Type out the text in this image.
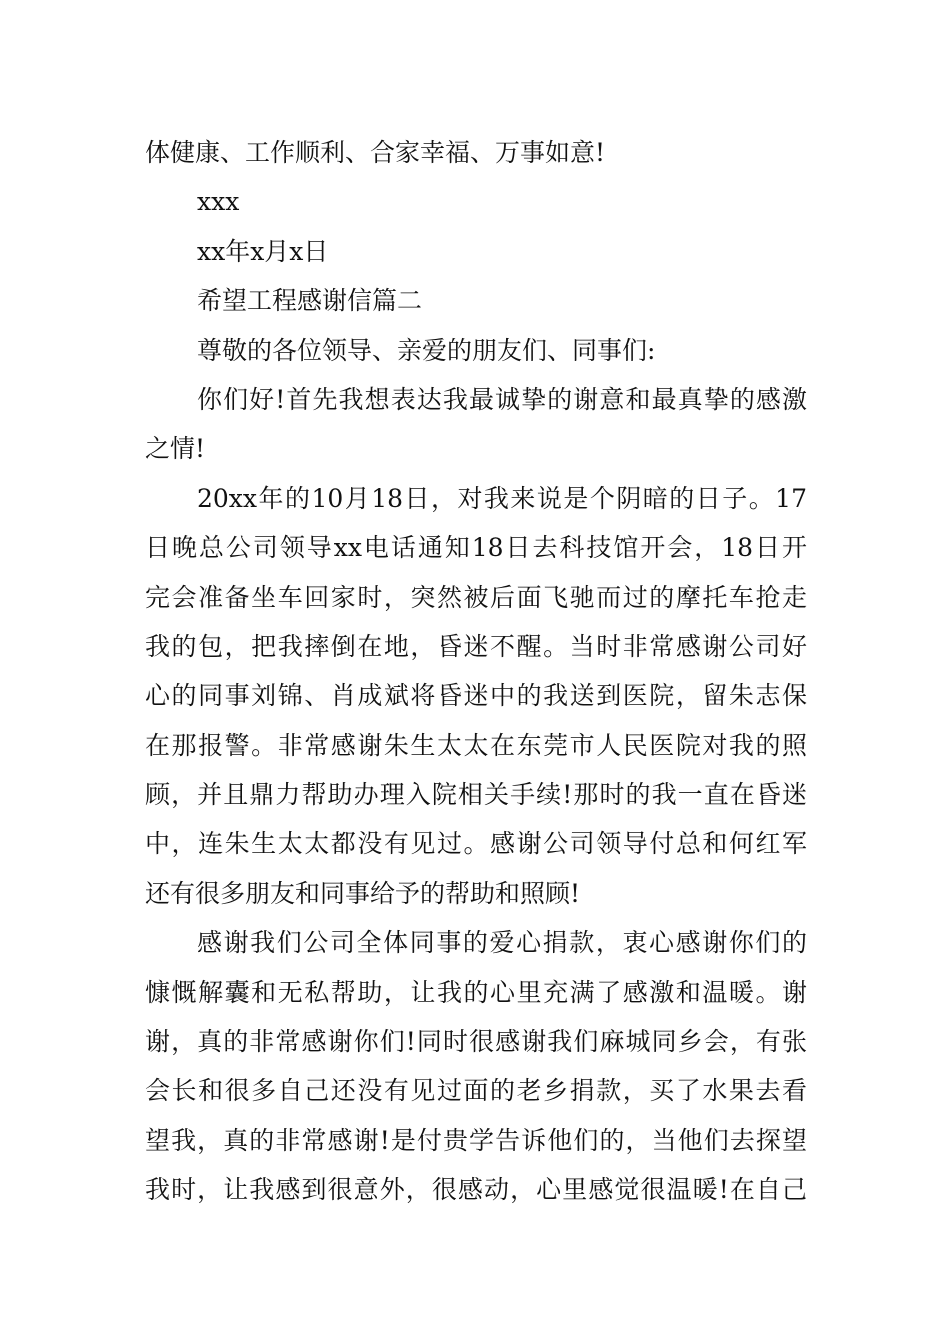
体健康、工作顺利、合家幸福、万事如意!
xxx
xx年x月x日
希望工程感谢信篇二
尊敬的各位领导、亲爱的朋友们、同事们:
你们好!首先我想表达我最诚挚的谢意和最真挚的感激
之情!
20xx年的10月18日，对我来说是个阴暗的日子。17
日晚总公司领导xx电话通知18日去科技馆开会，18日开
完会准备坐车回家时，突然被后面飞驰而过的摩托车抢走
我的包，把我摔倒在地，昏迷不醒。当时非常感谢公司好
心的同事刘锦、肖成斌将昏迷中的我送到医院，留朱志保
在那报警。非常感谢朱生太太在东莞市人民医院对我的照
顾，并且鼎力帮助办理入院相关手续!那时的我一直在昏迷
中，连朱生太太都没有见过。感谢公司领导付总和何红军
还有很多朋友和同事给予的帮助和照顾!
感谢我们公司全体同事的爱心捐款，衷心感谢你们的
慷慨解囊和无私帮助，让我的心里充满了感激和温暖。谢
谢，真的非常感谢你们!同时很感谢我们麻城同乡会，有张
会长和很多自己还没有见过面的老乡捐款，买了水果去看
望我，真的非常感谢!是付贵学告诉他们的，当他们去探望
我时，让我感到很意外，很感动，心里感觉很温暖!在自己
